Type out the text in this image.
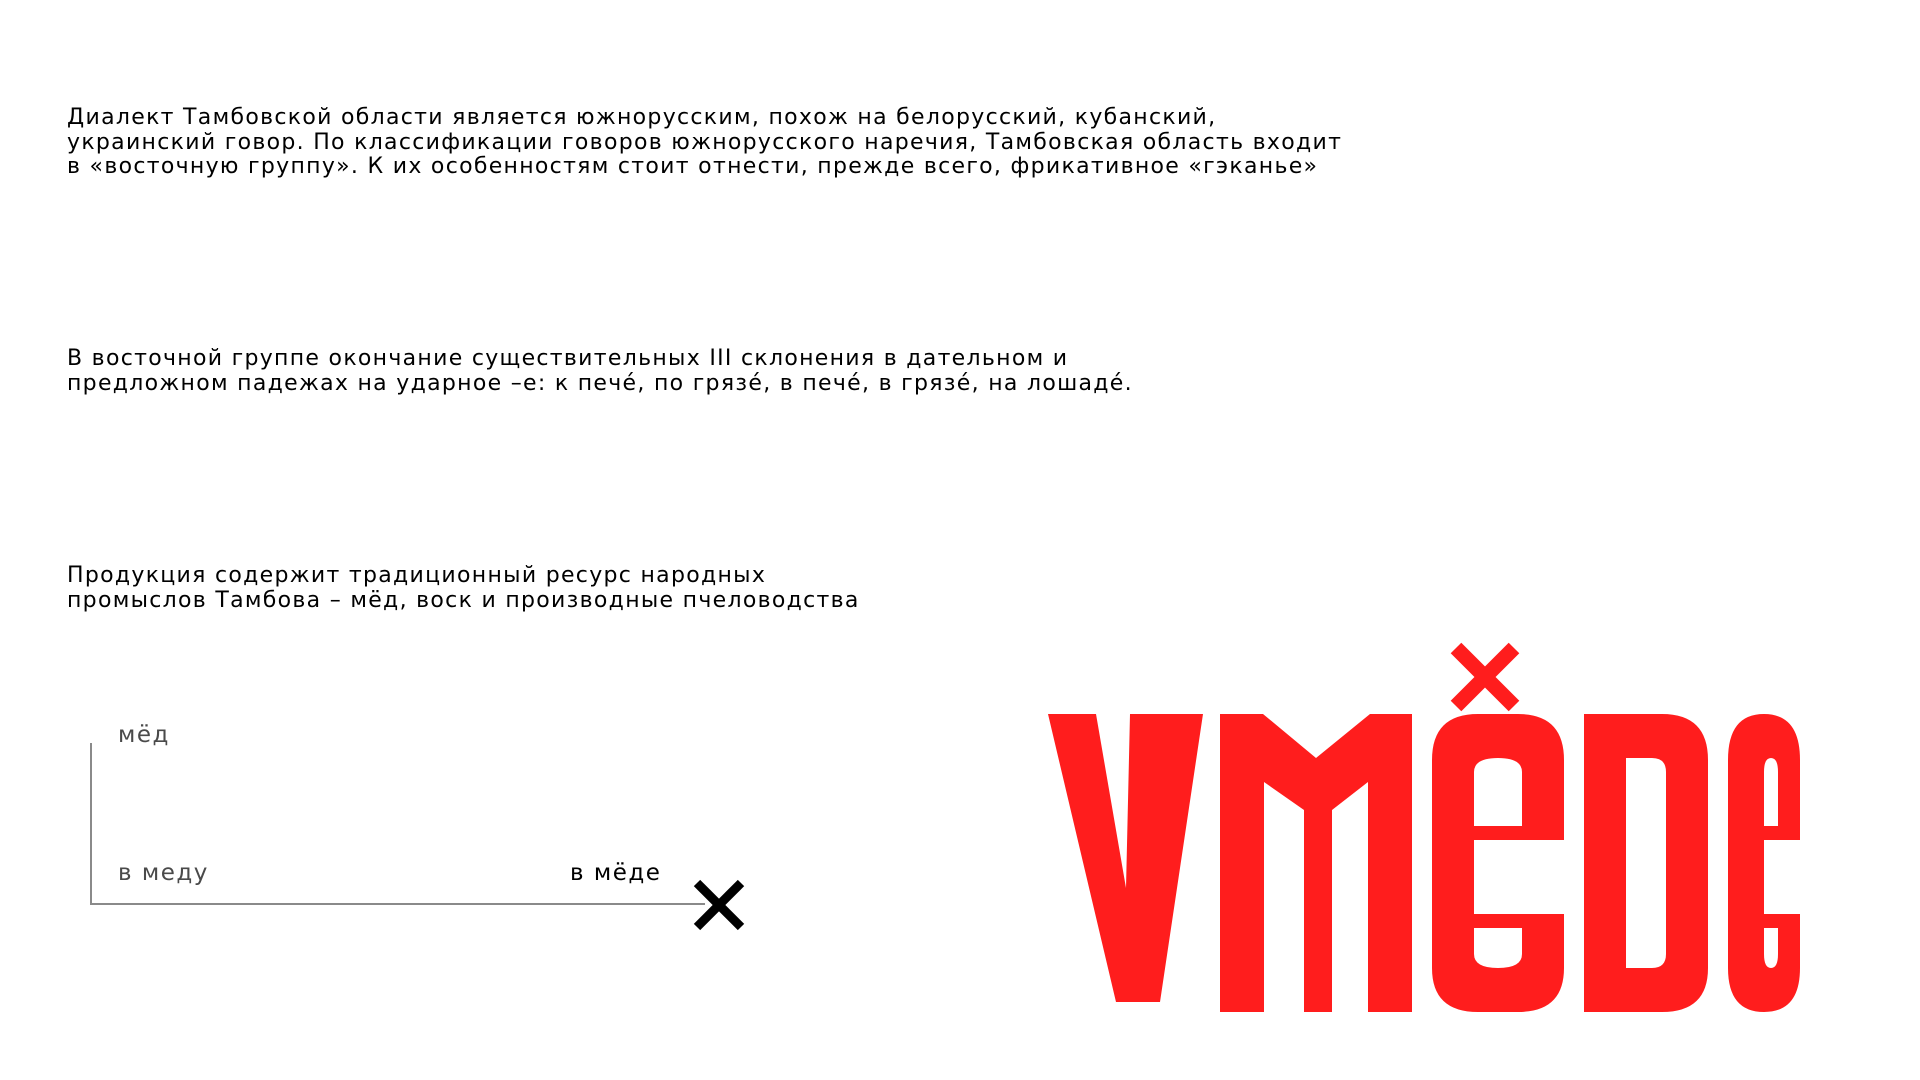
Диалект Тамбовской области является южнорусским, похож на белорусский, кубанский,
украинский говор. По классификации говоров южнорусского наречия, Тамбовская область входит
в «восточную группу». К их особенностям стоит отнести, прежде всего, фрикативное «гэканье»

В восточной группе окончание существительных III склонения в дательном и
предложном падежах на ударное –е: к печé, по грязé, в печé, в грязé, на лошадé.

Продукция содержит традиционный ресурс народных
промыслов Тамбова – мёд, воск и производные пчеловодства

мёд
в меду	в мёде
